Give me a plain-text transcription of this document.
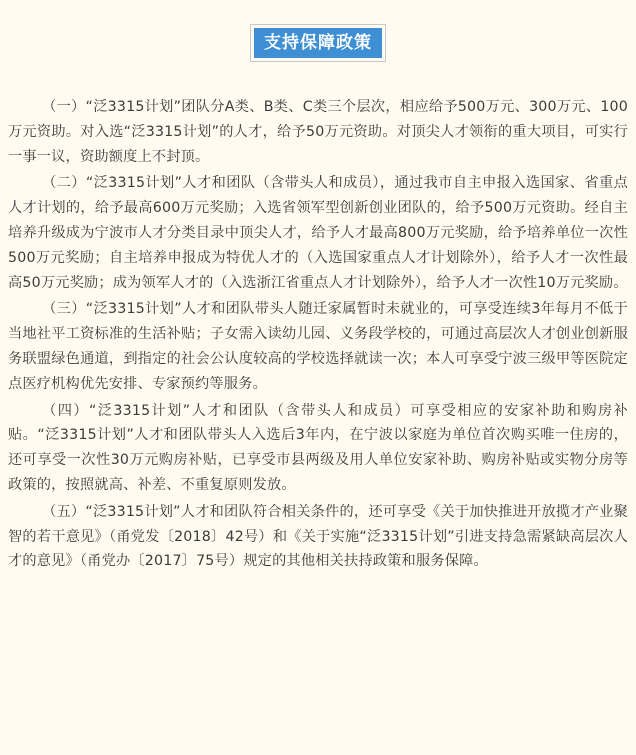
支持保障政策

（一）“泛3315计划”团队分A类、B类、C类三个层次，相应给予500万元、300万元、100万元资助。对入选“泛3315计划”的人才，给予50万元资助。对顶尖人才领衔的重大项目，可实行一事一议，资助额度上不封顶。

（二）“泛3315计划”人才和团队（含带头人和成员），通过我市自主申报入选国家、省重点人才计划的，给予最高600万元奖励；入选省领军型创新创业团队的，给予500万元资助。经自主培养升级成为宁波市人才分类目录中顶尖人才，给予人才最高800万元奖励，给予培养单位一次性500万元奖励；自主培养申报成为特优人才的（入选国家重点人才计划除外），给予人才一次性最高50万元奖励；成为领军人才的（入选浙江省重点人才计划除外），给予人才一次性10万元奖励。

（三）“泛3315计划”人才和团队带头人随迁家属暂时未就业的，可享受连续3年每月不低于当地社平工资标准的生活补贴；子女需入读幼儿园、义务段学校的，可通过高层次人才创业创新服务联盟绿色通道，到指定的社会公认度较高的学校选择就读一次；本人可享受宁波三级甲等医院定点医疗机构优先安排、专家预约等服务。

（四）“泛3315计划”人才和团队（含带头人和成员）可享受相应的安家补助和购房补贴。“泛3315计划”人才和团队带头人入选后3年内，在宁波以家庭为单位首次购买唯一住房的，还可享受一次性30万元购房补贴，已享受市县两级及用人单位安家补助、购房补贴或实物分房等政策的，按照就高、补差、不重复原则发放。

（五）“泛3315计划”人才和团队符合相关条件的，还可享受《关于加快推进开放揽才产业聚智的若干意见》（甬党发〔2018〕42号）和《关于实施“泛3315计划”引进支持急需紧缺高层次人才的意见》（甬党办〔2017〕75号）规定的其他相关扶持政策和服务保障。
